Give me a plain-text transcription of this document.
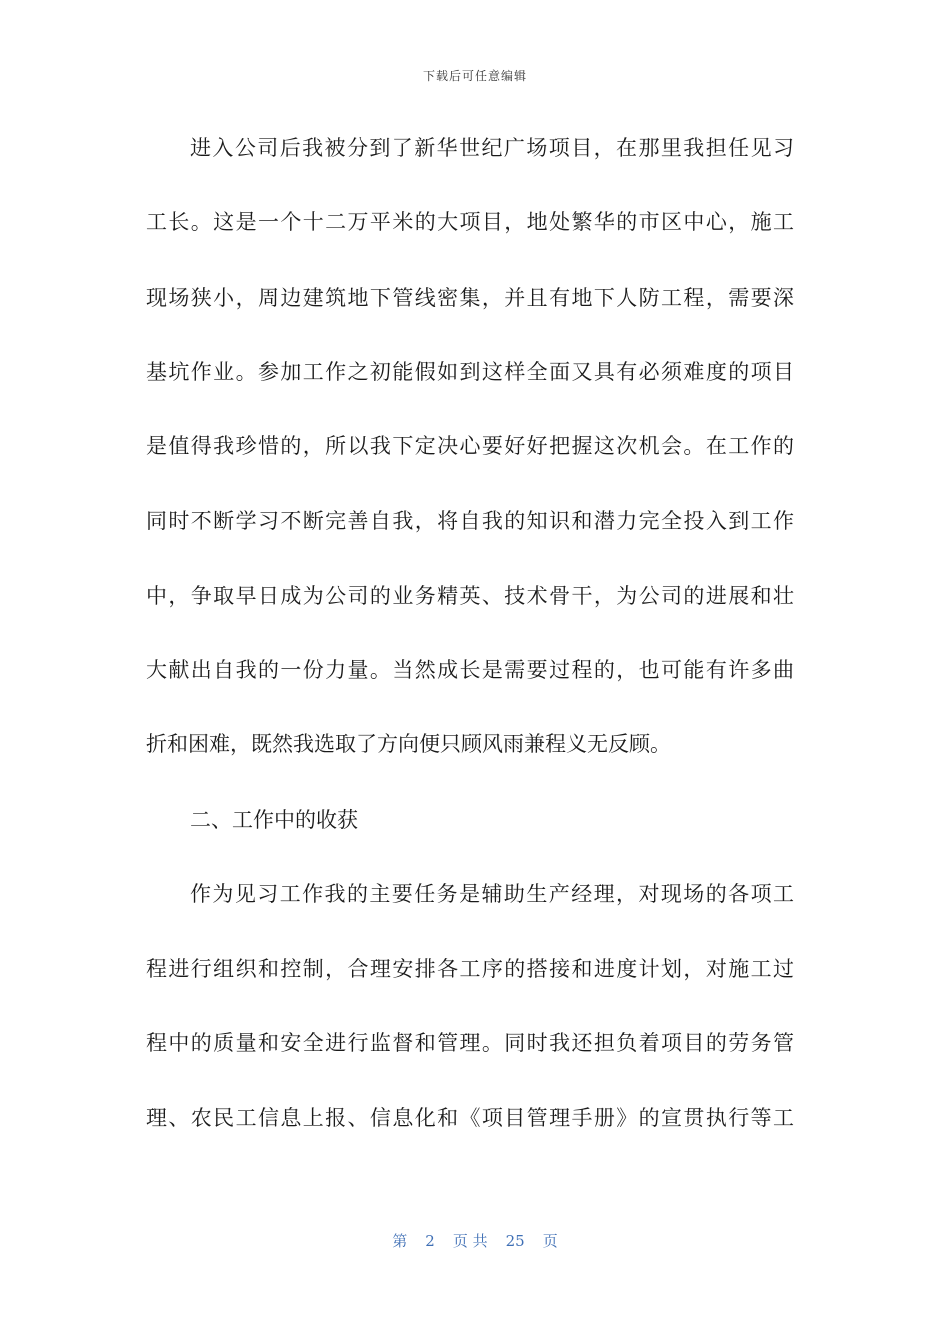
下载后可任意编辑
进入公司后我被分到了新华世纪广场项目，在那里我担任见习
工长。这是一个十二万平米的大项目，地处繁华的市区中心，施工
现场狭小，周边建筑地下管线密集，并且有地下人防工程，需要深
基坑作业。参加工作之初能假如到这样全面又具有必须难度的项目
是值得我珍惜的，所以我下定决心要好好把握这次机会。在工作的
同时不断学习不断完善自我，将自我的知识和潜力完全投入到工作
中，争取早日成为公司的业务精英、技术骨干，为公司的进展和壮
大献出自我的一份力量。当然成长是需要过程的，也可能有许多曲
折和困难，既然我选取了方向便只顾风雨兼程义无反顾。
二、工作中的收获
作为见习工作我的主要任务是辅助生产经理，对现场的各项工
程进行组织和控制，合理安排各工序的搭接和进度计划，对施工过
程中的质量和安全进行监督和管理。同时我还担负着项目的劳务管
理、农民工信息上报、信息化和《项目管理手册》的宣贯执行等工
第 2 页 共 25 页
